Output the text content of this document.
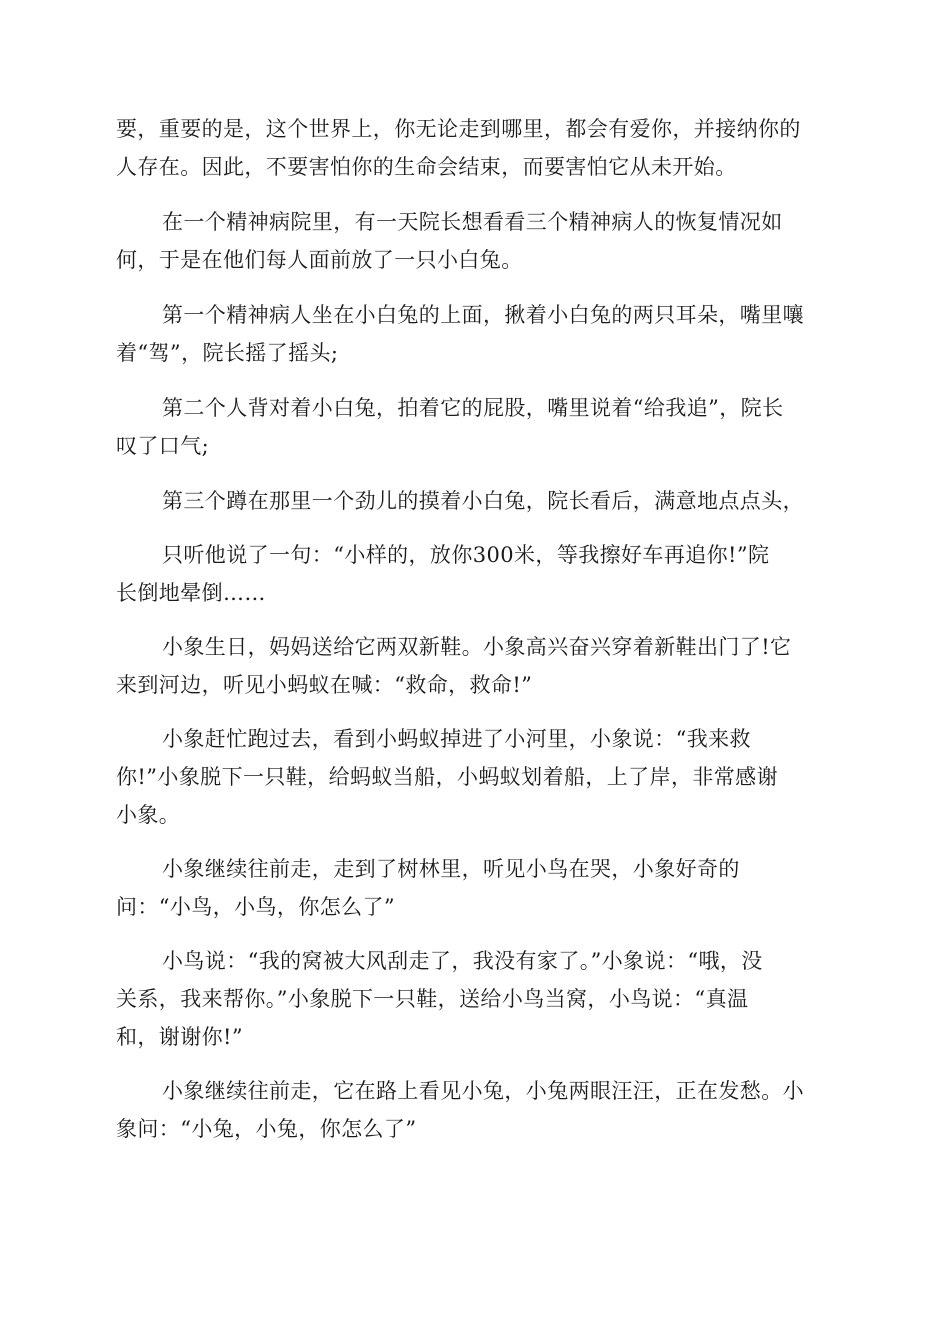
要，重要的是，这个世界上，你无论走到哪里，都会有爱你，并接纳你的
人存在。因此，不要害怕你的生命会结束，而要害怕它从未开始。
在一个精神病院里，有一天院长想看看三个精神病人的恢复情况如
何，于是在他们每人面前放了一只小白兔。
第一个精神病人坐在小白兔的上面，揪着小白兔的两只耳朵，嘴里嚷
着“驾”，院长摇了摇头;
第二个人背对着小白兔，拍着它的屁股，嘴里说着“给我追”，院长
叹了口气;
第三个蹲在那里一个劲儿的摸着小白兔，院长看后，满意地点点头，
只听他说了一句：“小样的，放你300米，等我擦好车再追你!”院
长倒地晕倒……
小象生日，妈妈送给它两双新鞋。小象高兴奋兴穿着新鞋出门了!它
来到河边，听见小蚂蚁在喊：“救命，救命!”
小象赶忙跑过去，看到小蚂蚁掉进了小河里，小象说：“我来救
你!”小象脱下一只鞋，给蚂蚁当船，小蚂蚁划着船，上了岸，非常感谢
小象。
小象继续往前走，走到了树林里，听见小鸟在哭，小象好奇的
问：“小鸟，小鸟，你怎么了”
小鸟说：“我的窝被大风刮走了，我没有家了。”小象说：“哦，没
关系，我来帮你。”小象脱下一只鞋，送给小鸟当窝，小鸟说：“真温
和，谢谢你!”
小象继续往前走，它在路上看见小兔，小兔两眼汪汪，正在发愁。小
象问：“小兔，小兔，你怎么了”
